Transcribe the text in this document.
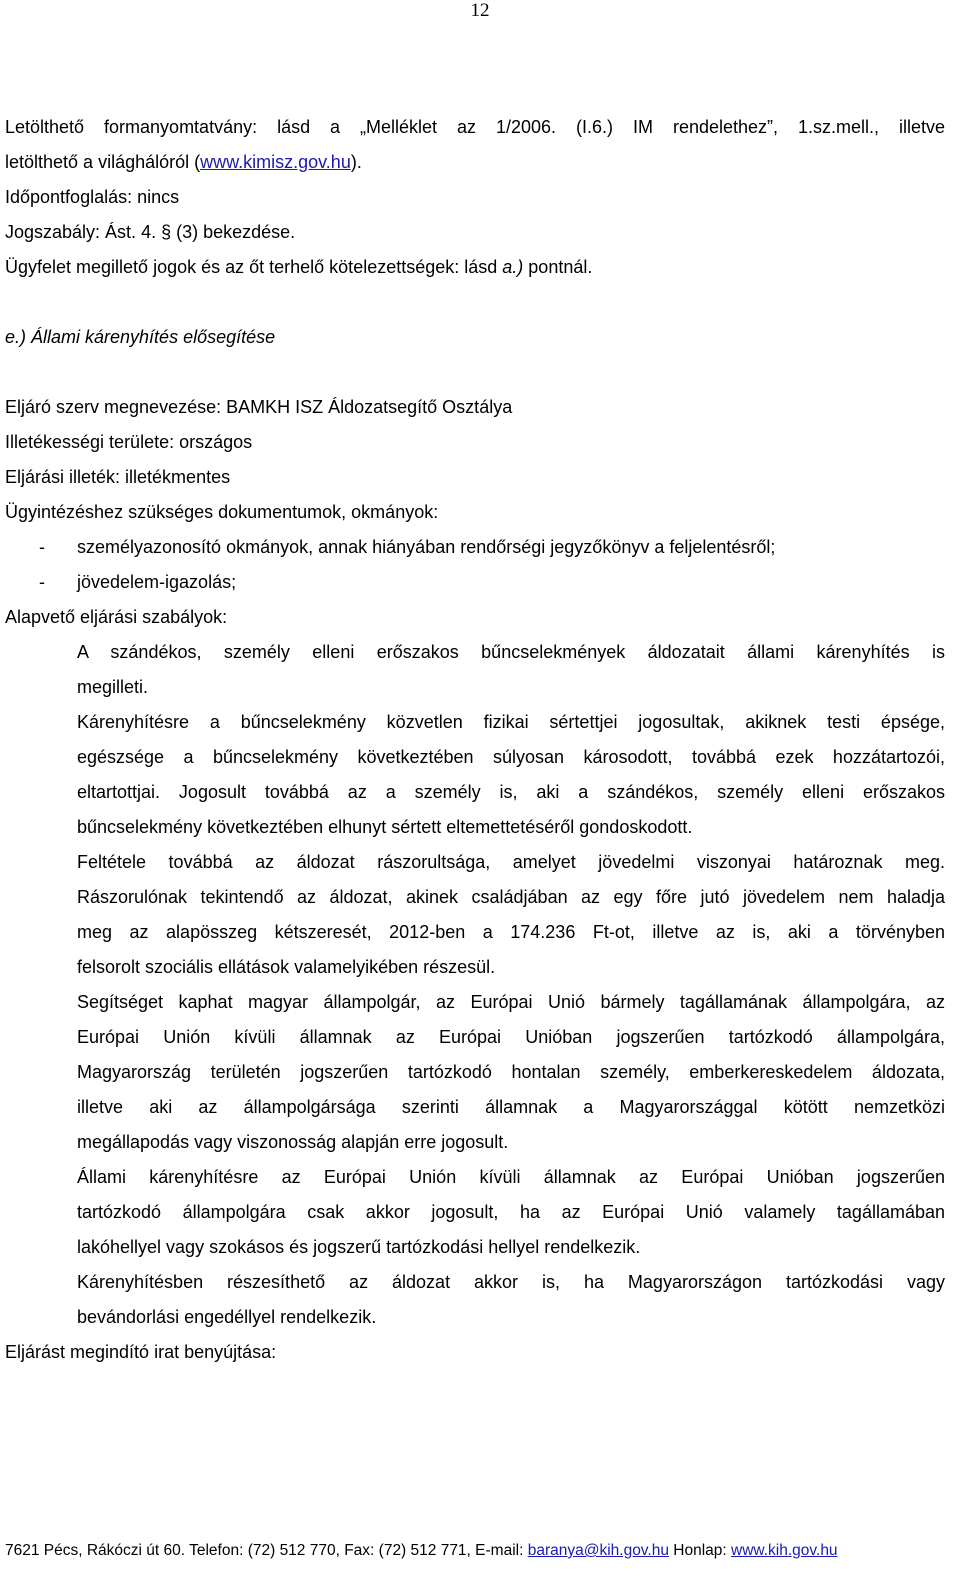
12
Letölthető formanyomtatvány: lásd a „Melléklet az 1/2006. (I.6.) IM rendelethez”, 1.sz.mell., illetve
letölthető a világhálóról (www.kimisz.gov.hu).
Időpontfoglalás: nincs
Jogszabály: Ást. 4. § (3) bekezdése.
Ügyfelet megillető jogok és az őt terhelő kötelezettségek: lásd a.) pontnál.
e.) Állami kárenyhítés elősegítése
Eljáró szerv megnevezése: BAMKH ISZ Áldozatsegítő Osztálya
Illetékességi területe: országos
Eljárási illeték: illetékmentes
Ügyintézéshez szükséges dokumentumok, okmányok:
-	személyazonosító okmányok, annak hiányában rendőrségi jegyzőkönyv a feljelentésről;
-	jövedelem-igazolás;
Alapvető eljárási szabályok:
A szándékos, személy elleni erőszakos bűncselekmények áldozatait állami kárenyhítés is
megilleti.
Kárenyhítésre a bűncselekmény közvetlen fizikai sértettjei jogosultak, akiknek testi épsége,
egészsége a bűncselekmény következtében súlyosan károsodott, továbbá ezek hozzátartozói,
eltartottjai. Jogosult továbbá az a személy is, aki a szándékos, személy elleni erőszakos
bűncselekmény következtében elhunyt sértett eltemettetéséről gondoskodott.
Feltétele továbbá az áldozat rászorultsága, amelyet jövedelmi viszonyai határoznak meg.
Rászorulónak tekintendő az áldozat, akinek családjában az egy főre jutó jövedelem nem haladja
meg az alapösszeg kétszeresét, 2012-ben a 174.236 Ft-ot, illetve az is, aki a törvényben
felsorolt szociális ellátások valamelyikében részesül.
Segítséget kaphat magyar állampolgár, az Európai Unió bármely tagállamának állampolgára, az
Európai Unión kívüli államnak az Európai Unióban jogszerűen tartózkodó állampolgára,
Magyarország területén jogszerűen tartózkodó hontalan személy, emberkereskedelem áldozata,
illetve aki az állampolgársága szerinti államnak a Magyarországgal kötött nemzetközi
megállapodás vagy viszonosság alapján erre jogosult.
Állami kárenyhítésre az Európai Unión kívüli államnak az Európai Unióban jogszerűen
tartózkodó állampolgára csak akkor jogosult, ha az Európai Unió valamely tagállamában
lakóhellyel vagy szokásos és jogszerű tartózkodási hellyel rendelkezik.
Kárenyhítésben részesíthető az áldozat akkor is, ha Magyarországon tartózkodási vagy
bevándorlási engedéllyel rendelkezik.
Eljárást megindító irat benyújtása:
7621 Pécs, Rákóczi út 60. Telefon: (72) 512 770, Fax: (72) 512 771, E-mail: baranya@kih.gov.hu Honlap: www.kih.gov.hu
